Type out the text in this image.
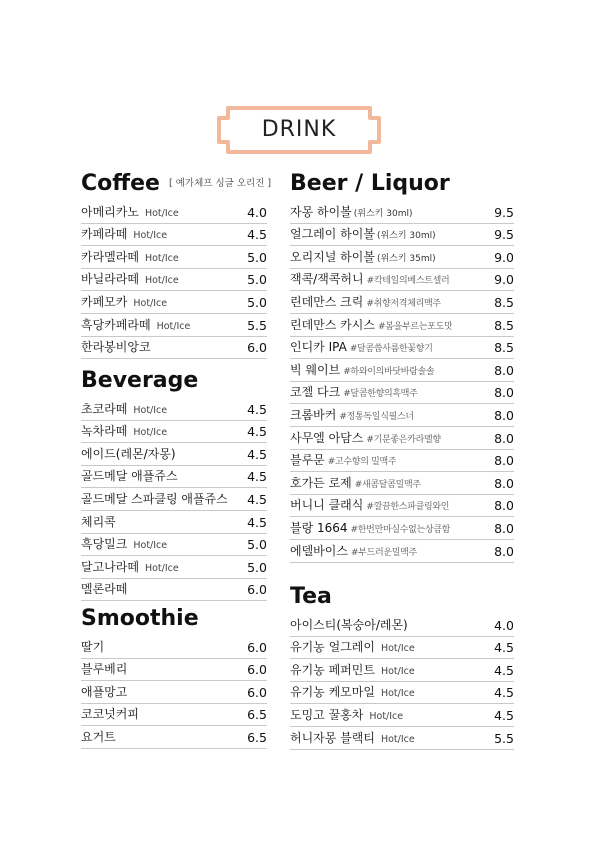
DRINK
Coffee [ 예가체프 싱글 오리진 ]
아메리카노 Hot/Ice	4.0
카페라떼 Hot/Ice	4.5
카라멜라떼 Hot/Ice	5.0
바닐라라떼 Hot/Ice	5.0
카페모카 Hot/Ice	5.0
흑당카페라떼 Hot/Ice	5.5
한라봉비앙코	6.0
Beverage
초코라떼 Hot/Ice	4.5
녹차라떼 Hot/Ice	4.5
에이드(레몬/자몽)	4.5
골드메달 애플쥬스	4.5
골드메달 스파클링 애플쥬스 4.5
체리콕	4.5
흑당밀크 Hot/Ice	5.0
달고나라떼 Hot/Ice	5.0
멜론라떼	6.0
Smoothie
딸기	6.0
블루베리	6.0
애플망고	6.0
코코넛커피	6.5
요거트	6.5
Beer / Liquor
자몽 하이볼 (위스키 30ml)	9.5
얼그레이 하이볼 (위스키 30ml)	9.5
오리지널 하이볼 (위스키 35ml)	9.0
잭콕/잭콕허니 #칵테일의베스트셀러	9.0
린데만스 크릭 #취향저격체리맥주	8.5
린데만스 카시스 #봄을부르는포도맛	8.5
인디카 IPA #달콤씁사름한꽃향기	8.5
빅 웨이브 #하와이의바닷바람솔솔	8.0
코젤 다크 #달콤한향의흑맥주	8.0
크롬바커 #정통독일식필스너	8.0
사무엘 아담스 #기분좋은카라멜향	8.0
블루문 #고수향의 밀맥주	8.0
호가든 로제 #새콤달콤밀맥주	8.0
버니니 클래식 #깔끔한스파클링와인	8.0
블랑 1664 #한번만마실수없는상큼함	8.0
에델바이스 #부드러운밀맥주	8.0
Tea
아이스티(복숭아/레몬)	4.0
유기농 얼그레이 Hot/Ice	4.5
유기농 페퍼민트 Hot/Ice	4.5
유기농 케모마일 Hot/Ice	4.5
도밍고 꿀홍차 Hot/Ice	4.5
허니자몽 블랙티 Hot/Ice	5.5
